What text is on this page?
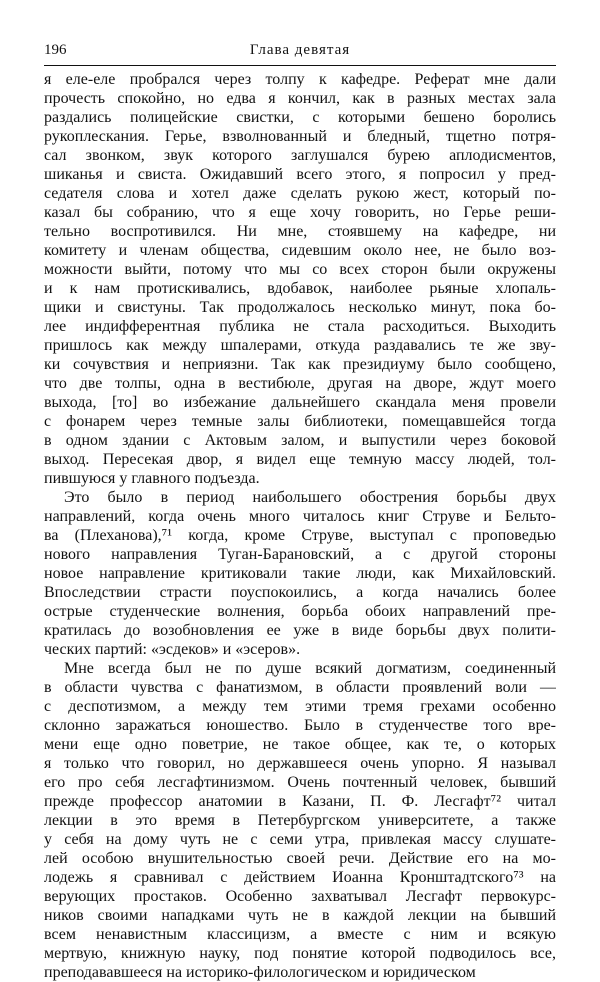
196	Глава девятая
я еле-еле пробрался через толпу к кафедре. Реферат мне дали
прочесть спокойно, но едва я кончил, как в разных местах зала
раздались полицейские свистки, с которыми бешено боролись
рукоплескания. Герье, взволнованный и бледный, тщетно потря-
сал звонком, звук которого заглушался бурею аплодисментов,
шиканья и свиста. Ожидавший всего этого, я попросил у пред-
седателя слова и хотел даже сделать рукою жест, который по-
казал бы собранию, что я еще хочу говорить, но Герье реши-
тельно воспротивился. Ни мне, стоявшему на кафедре, ни
комитету и членам общества, сидевшим около нее, не было воз-
можности выйти, потому что мы со всех сторон были окружены
и к нам протискивались, вдобавок, наиболее рьяные хлопаль-
щики и свистуны. Так продолжалось несколько минут, пока бо-
лее индифферентная публика не стала расходиться. Выходить
пришлось как между шпалерами, откуда раздавались те же зву-
ки сочувствия и неприязни. Так как президиуму было сообщено,
что две толпы, одна в вестибюле, другая на дворе, ждут моего
выхода, [то] во избежание дальнейшего скандала меня провели
с фонарем через темные залы библиотеки, помещавшейся тогда
в одном здании с Актовым залом, и выпустили через боковой
выход. Пересекая двор, я видел еще темную массу людей, тол-
пившуюся у главного подъезда.
Это было в период наибольшего обострения борьбы двух
направлений, когда очень много читалось книг Струве и Бельто-
ва (Плеханова),⁷¹ когда, кроме Струве, выступал с проповедью
нового направления Туган-Барановский, а с другой стороны
новое направление критиковали такие люди, как Михайловский.
Впоследствии страсти поуспокоились, а когда начались более
острые студенческие волнения, борьба обоих направлений пре-
кратилась до возобновления ее уже в виде борьбы двух полити-
ческих партий: «эсдеков» и «эсеров».
Мне всегда был не по душе всякий догматизм, соединенный
в области чувства с фанатизмом, в области проявлений воли —
с деспотизмом, а между тем этими тремя грехами особенно
склонно заражаться юношество. Было в студенчестве того вре-
мени еще одно поветрие, не такое общее, как те, о которых
я только что говорил, но державшееся очень упорно. Я называл
его про себя лесгафтинизмом. Очень почтенный человек, бывший
прежде профессор анатомии в Казани, П. Ф. Лесгафт⁷² читал
лекции в это время в Петербургском университете, а также
у себя на дому чуть не с семи утра, привлекая массу слушате-
лей особою внушительностью своей речи. Действие его на мо-
лодежь я сравнивал с действием Иоанна Кронштадтского⁷³ на
верующих простаков. Особенно захватывал Лесгафт первокурс-
ников своими нападками чуть не в каждой лекции на бывший
всем ненавистным классицизм, а вместе с ним и всякую
мертвую, книжную науку, под понятие которой подводилось все,
преподававшееся на историко-филологическом и юридическом
